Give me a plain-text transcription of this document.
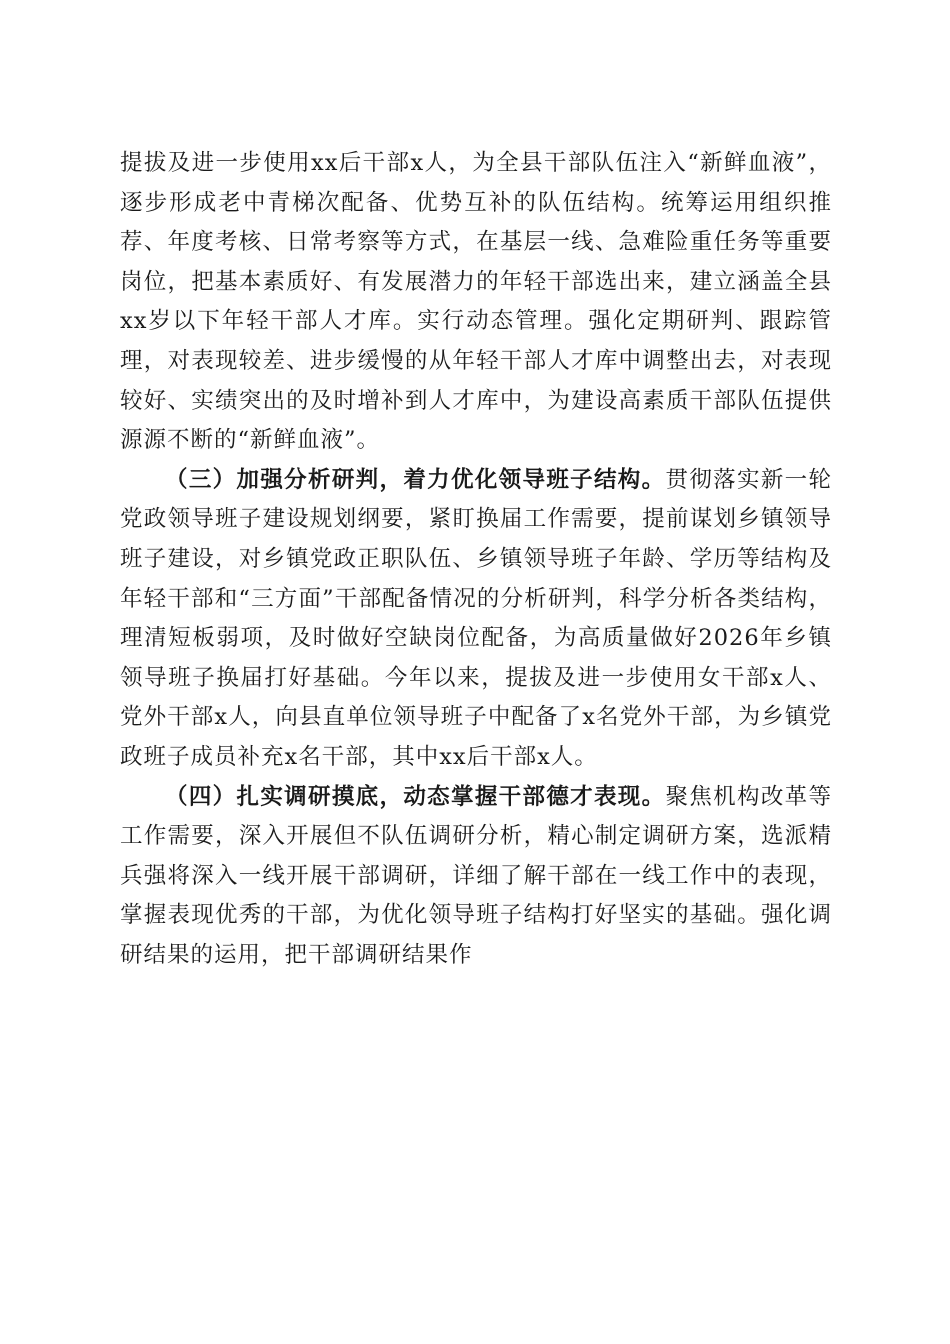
提拔及进一步使用xx后干部x人，为全县干部队伍注入“新鲜血液”，逐步形成老中青梯次配备、优势互补的队伍结构。统筹运用组织推荐、年度考核、日常考察等方式，在基层一线、急难险重任务等重要岗位，把基本素质好、有发展潜力的年轻干部选出来，建立涵盖全县xx岁以下年轻干部人才库。实行动态管理。强化定期研判、跟踪管理，对表现较差、进步缓慢的从年轻干部人才库中调整出去，对表现较好、实绩突出的及时增补到人才库中，为建设高素质干部队伍提供源源不断的“新鲜血液”。

（三）加强分析研判，着力优化领导班子结构。贯彻落实新一轮党政领导班子建设规划纲要，紧盯换届工作需要，提前谋划乡镇领导班子建设，对乡镇党政正职队伍、乡镇领导班子年龄、学历等结构及年轻干部和“三方面”干部配备情况的分析研判，科学分析各类结构，理清短板弱项，及时做好空缺岗位配备，为高质量做好2026年乡镇领导班子换届打好基础。今年以来，提拔及进一步使用女干部x人、党外干部x人，向县直单位领导班子中配备了x名党外干部，为乡镇党政班子成员补充x名干部，其中xx后干部x人。

（四）扎实调研摸底，动态掌握干部德才表现。聚焦机构改革等工作需要，深入开展但不队伍调研分析，精心制定调研方案，选派精兵强将深入一线开展干部调研，详细了解干部在一线工作中的表现，掌握表现优秀的干部，为优化领导班子结构打好坚实的基础。强化调研结果的运用，把干部调研结果作
